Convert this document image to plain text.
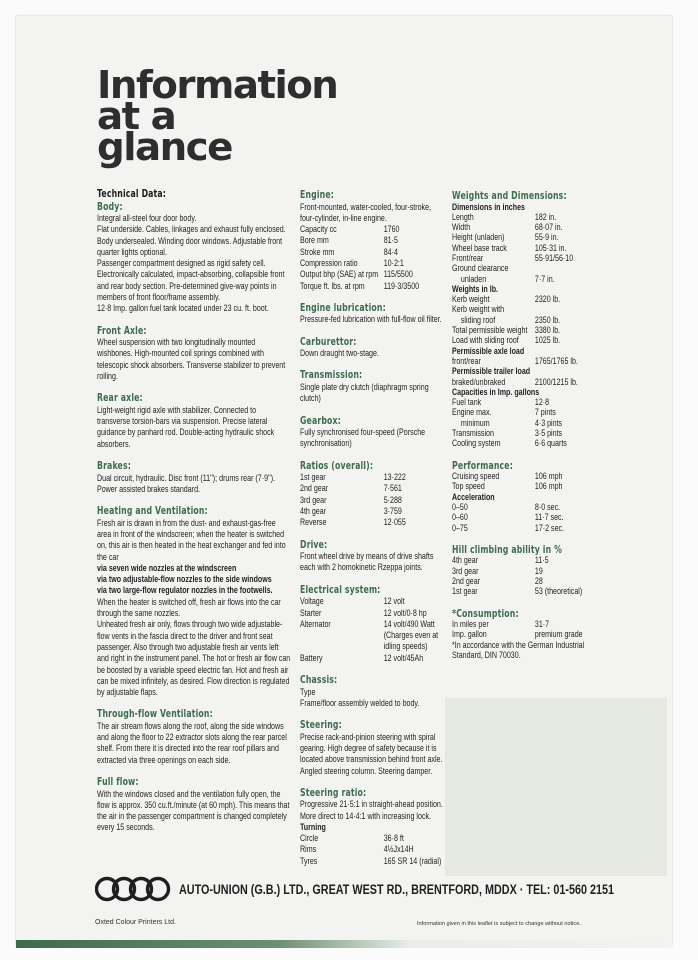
Information
at a
glance
Technical Data:
Body:

Integral all-steel four door body.

Flat underside. Cables, linkages and exhaust fully enclosed. Body undersealed. Winding door windows. Adjustable front quarter lights optional.

Passenger compartment designed as rigid safety cell. Electronically calculated, impact-absorbing, collapsible front and rear body section. Pre-determined give-way points in members of front floor/frame assembly.

12·8 Imp. gallon fuel tank located under 23 cu. ft. boot.

Front Axle:

Wheel suspension with two longitudinally mounted wishbones. High-mounted coil springs combined with telescopic shock absorbers. Transverse stabilizer to prevent rolling.

Rear axle:

Light-weight rigid axle with stabilizer. Connected to transverse torsion-bars via suspension. Precise lateral guidance by panhard rod. Double-acting hydraulic shock absorbers.

Brakes:

Dual circuit, hydraulic. Disc front (11''); drums rear (7·9''). Power assisted brakes standard.

Heating and Ventilation:

Fresh air is drawn in from the dust- and exhaust-gas-free area in front of the windscreen; when the heater is switched on, this air is then heated in the heat exchanger and fed into the car

via seven wide nozzles at the windscreen

via two adjustable-flow nozzles to the side windows

via two large-flow regulator nozzles in the footwells.

When the heater is switched off, fresh air flows into the car through the same nozzles.

Unheated fresh air only, flows through two wide adjustable-flow vents in the fascia direct to the driver and front seat passenger. Also through two adjustable fresh air vents left and right in the instrument panel. The hot or fresh air flow can be boosted by a variable speed electric fan. Hot and fresh air can be mixed infinitely, as desired. Flow direction is regulated by adjustable flaps.

Through-flow Ventilation:

The air stream flows along the roof, along the side windows and along the floor to 22 extractor slots along the rear parcel shelf. From there it is directed into the rear roof pillars and extracted via three openings on each side.

Full flow:

With the windows closed and the ventilation fully open, the flow is approx. 350 cu.ft./minute (at 60 mph). This means that the air in the passenger compartment is changed completely every 15 seconds.

Engine:

Front-mounted, water-cooled, four-stroke, four-cylinder, in-line engine.

Capacity cc	1760
Bore mm	81·5
Stroke mm	84·4
Compression ratio	10·2:1
Output bhp (SAE) at rpm 115/5500
Torque ft. lbs. at rpm	119·3/3500
Engine lubrication:

Pressure-fed lubrication with full-flow oil filter.

Carburettor:

Down draught two-stage.

Transmission:

Single plate dry clutch (diaphragm spring clutch)

Gearbox:

Fully synchronised four-speed (Porsche synchronisation)

Ratios (overall):
1st gear	13·222
2nd gear	7·561
3rd gear	5·288
4th gear	3·759
Reverse	12·055
Drive:

Front wheel drive by means of drive shafts each with 2 homokinetic Rzeppa joints.

Electrical system:
Voltage	12 volt
Starter	12 volt/0·8 hp
Alternator	14 volt/490 Watt (Charges even at idling speeds)
Battery	12 volt/45Ah
Chassis:

Type

Frame/floor assembly welded to body.

Steering:

Precise rack-and-pinion steering with spiral gearing. High degree of safety because it is located above transmission behind front axle. Angled steering column. Steering damper.

Steering ratio:

Progressive 21·5:1 in straight-ahead position. More direct to 14·4:1 with increasing lock.

Turning
Circle	36·8 ft
Rims	4½Jx14H
Tyres	165 SR 14 (radial)
Weights and Dimensions:
Dimensions in inches
Length	182 in.
Width	68·07 in.
Height (unladen)	55·9 in.
Wheel base track	105·31 in.
Front/rear	55·91/56·10

Ground clearance

unladen	7·7 in.
Weights in lb.
Kerb weight	2320 lb.

Kerb weight with

sliding roof	2350 lb.
Total permissible weight 3380 lb.
Load with sliding roof	1025 lb.
Permissible axle load
front/rear	1765/1765 lb.
Permissible trailer load
braked/unbraked	2100/1215 lb.
Capacities in Imp. gallons
Fuel tank	12·8
Engine max.	7 pints
minimum	4·3 pints
Transmission	3·5 pints
Cooling system	6·6 quarts
Performance:
Cruising speed	106 mph
Top speed	106 mph
Acceleration
0–50	8·0 sec.
0–60	11·7 sec.
0–75	17·2 sec.
Hill climbing ability in %
4th gear	11·5
3rd gear	19
2nd gear	28
1st gear	53 (theoretical)
*Consumption:
In miles per	31·7
Imp. gallon	premium grade

*In accordance with the German Industrial Standard, DIN 70030.

AUTO-UNION (G.B.) LTD., GREAT WEST RD., BRENTFORD, MDDX · TEL: 01-560 2151
Oxted Colour Printers Ltd.	Information given in this leaflet is subject to change without notice.
